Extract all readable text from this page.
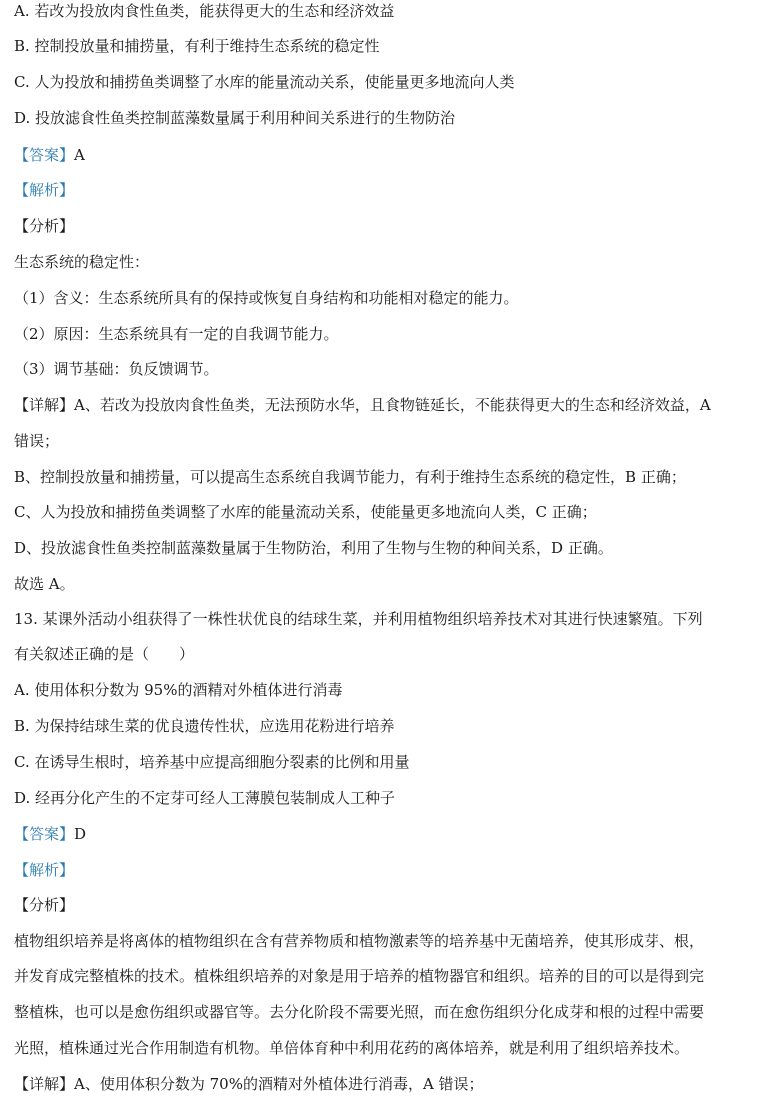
A. 若改为投放肉食性鱼类，能获得更大的生态和经济效益
B. 控制投放量和捕捞量，有利于维持生态系统的稳定性
C. 人为投放和捕捞鱼类调整了水库的能量流动关系，使能量更多地流向人类
D. 投放滤食性鱼类控制蓝藻数量属于利用种间关系进行的生物防治
【答案】A
【解析】
【分析】
生态系统的稳定性：
（1）含义：生态系统所具有的保持或恢复自身结构和功能相对稳定的能力。
（2）原因：生态系统具有一定的自我调节能力。
（3）调节基础：负反馈调节。
【详解】A、若改为投放肉食性鱼类，无法预防水华，且食物链延长，不能获得更大的生态和经济效益，A
错误；
B、控制投放量和捕捞量，可以提高生态系统自我调节能力，有利于维持生态系统的稳定性，B 正确；
C、人为投放和捕捞鱼类调整了水库的能量流动关系，使能量更多地流向人类，C 正确；
D、投放滤食性鱼类控制蓝藻数量属于生物防治，利用了生物与生物的种间关系，D 正确。
故选 A。
13. 某课外活动小组获得了一株性状优良的结球生菜，并利用植物组织培养技术对其进行快速繁殖。下列
有关叙述正确的是（　　）
A. 使用体积分数为 95%的酒精对外植体进行消毒
B. 为保持结球生菜的优良遗传性状，应选用花粉进行培养
C. 在诱导生根时，培养基中应提高细胞分裂素的比例和用量
D. 经再分化产生的不定芽可经人工薄膜包装制成人工种子
【答案】D
【解析】
【分析】
植物组织培养是将离体的植物组织在含有营养物质和植物激素等的培养基中无菌培养，使其形成芽、根，
并发育成完整植株的技术。植株组织培养的对象是用于培养的植物器官和组织。培养的目的可以是得到完
整植株，也可以是愈伤组织或器官等。去分化阶段不需要光照，而在愈伤组织分化成芽和根的过程中需要
光照，植株通过光合作用制造有机物。单倍体育种中利用花药的离体培养，就是利用了组织培养技术。
【详解】A、使用体积分数为 70%的酒精对外植体进行消毒，A 错误；
